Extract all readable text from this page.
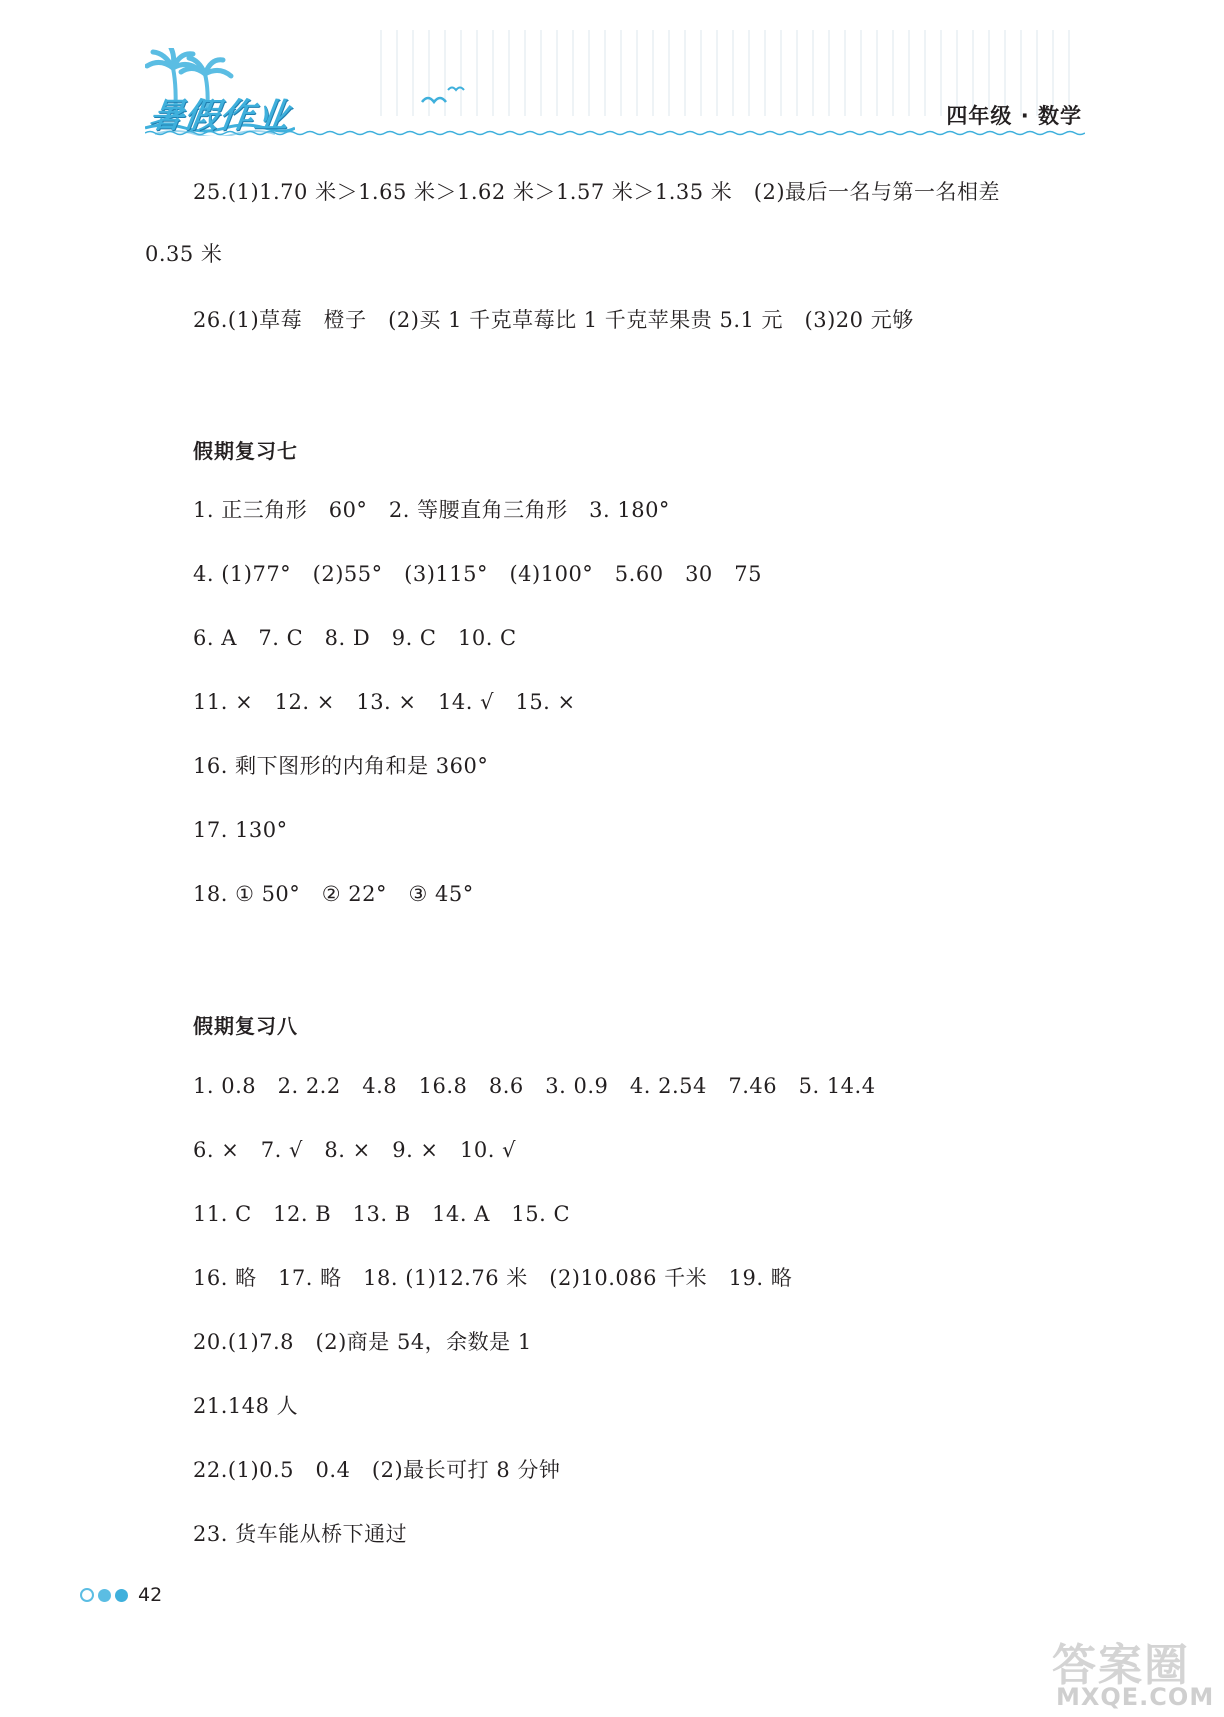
暑假作业	四年级 · 数学
25.(1)1.70 米＞1.65 米＞1.62 米＞1.57 米＞1.35 米　(2)最后一名与第一名相差
0.35 米
26.(1)草莓　橙子　(2)买 1 千克草莓比 1 千克苹果贵 5.1 元　(3)20 元够
假期复习七
1. 正三角形　60°　2. 等腰直角三角形　3. 180°
4. (1)77°　(2)55°　(3)115°　(4)100°　5.60　30　75
6. A　7. C　8. D　9. C　10. C
11. ×　12. ×　13. ×　14. √　15. ×
16. 剩下图形的内角和是 360°
17. 130°
18. ① 50°　② 22°　③ 45°
假期复习八
1. 0.8　2. 2.2　4.8　16.8　8.6　3. 0.9　4. 2.54　7.46　5. 14.4
6. ×　7. √　8. ×　9. ×　10. √
11. C　12. B　13. B　14. A　15. C
16. 略　17. 略　18. (1)12.76 米　(2)10.086 千米　19. 略
20.(1)7.8　(2)商是 54，余数是 1
21.148 人
22.(1)0.5　0.4　(2)最长可打 8 分钟
23. 货车能从桥下通过
42
答案圈
MXQE.COM
